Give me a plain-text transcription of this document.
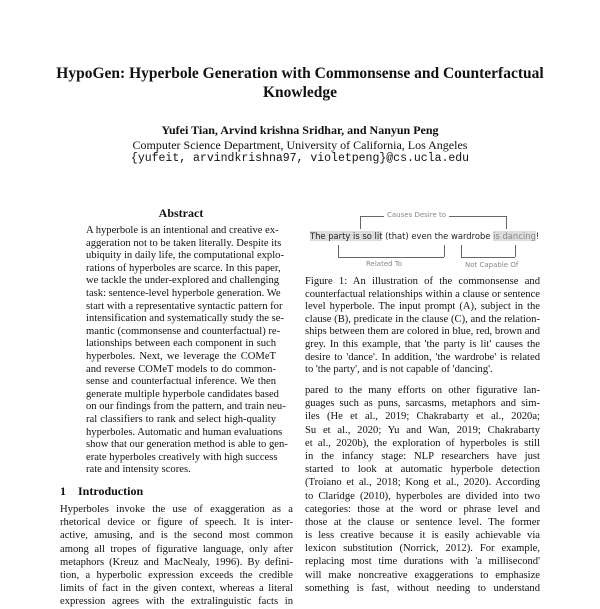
HypoGen: Hyperbole Generation with Commonsense and Counterfactual
Knowledge
Yufei Tian, Arvind krishna Sridhar, and Nanyun Peng
Computer Science Department, University of California, Los Angeles
{yufeit, arvindkrishna97, violetpeng}@cs.ucla.edu
Abstract
A hyperbole is an intentional and creative ex-
aggeration not to be taken literally. Despite its
ubiquity in daily life, the computational explo-
rations of hyperboles are scarce. In this paper,
we tackle the under-explored and challenging
task: sentence-level hyperbole generation. We
start with a representative syntactic pattern for
intensification and systematically study the se-
mantic (commonsense and counterfactual) re-
lationships between each component in such
hyperboles. Next, we leverage the COMeT
and reverse COMeT models to do common-
sense and counterfactual inference. We then
generate multiple hyperbole candidates based
on our findings from the pattern, and train neu-
ral classifiers to rank and select high-quality
hyperboles. Automatic and human evaluations
show that our generation method is able to gen-
erate hyperboles creatively with high success
rate and intensity scores.
1 Introduction
Hyperboles invoke the use of exaggeration as a
rhetorical device or figure of speech. It is inter-
active, amusing, and is the second most common
among all tropes of figurative language, only after
metaphors (Kreuz and MacNealy, 1996). By defini-
tion, a hyperbolic expression exceeds the credible
limits of fact in the given context, whereas a literal
expression agrees with the extralinguistic facts in
Causes Desire to
The party is so lit (that) even the wardrobe is dancing!
Related To	Not Capable Of
Figure 1: An illustration of the commonsense and
counterfactual relationships within a clause or sentence
level hyperbole. The input prompt (A), subject in the
clause (B), predicate in the clause (C), and the relation-
ships between them are colored in blue, red, brown and
grey. In this example, that 'the party is lit' causes the
desire to 'dance'. In addition, 'the wardrobe' is related
to 'the party', and is not capable of 'dancing'.
pared to the many efforts on other figurative lan-
guages such as puns, sarcasms, metaphors and sim-
iles (He et al., 2019; Chakrabarty et al., 2020a;
Su et al., 2020; Yu and Wan, 2019; Chakrabarty
et al., 2020b), the exploration of hyperboles is still
in the infancy stage: NLP researchers have just
started to look at automatic hyperbole detection
(Troiano et al., 2018; Kong et al., 2020). According
to Claridge (2010), hyperboles are divided into two
categories: those at the word or phrase level and
those at the clause or sentence level. The former
is less creative because it is easily achievable via
lexicon substitution (Norrick, 2012). For example,
replacing most time durations with 'a millisecond'
will make noncreative exaggerations to emphasize
something is fast, without needing to understand
